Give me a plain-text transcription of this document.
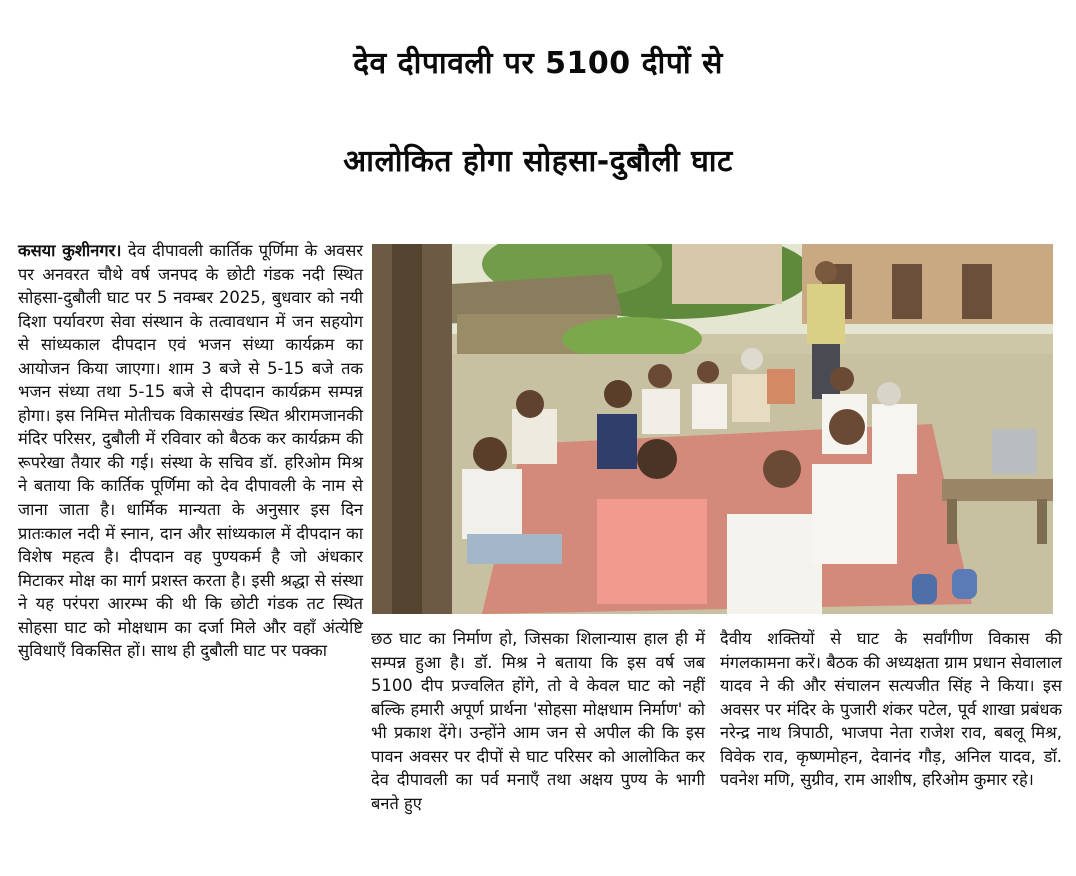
देव दीपावली पर 5100 दीपों से
आलोकित होगा सोहसा-दुबौली घाट

कसया कुशीनगर। देव दीपावली कार्तिक पूर्णिमा के अवसर पर अनवरत चौथे वर्ष जनपद के छोटी गंडक नदी स्थित सोहसा-दुबौली घाट पर 5 नवम्बर 2025, बुधवार को नयी दिशा पर्यावरण सेवा संस्थान के तत्वावधान में जन सहयोग से सांध्यकाल दीपदान एवं भजन संध्या कार्यक्रम का आयोजन किया जाएगा। शाम 3 बजे से 5-15 बजे तक भजन संध्या तथा 5-15 बजे से दीपदान कार्यक्रम सम्पन्न होगा। इस निमित्त मोतीचक विकासखंड स्थित श्रीरामजानकी मंदिर परिसर, दुबौली में रविवार को बैठक कर कार्यक्रम की रूपरेखा तैयार की गई। संस्था के सचिव डॉ. हरिओम मिश्र ने बताया कि कार्तिक पूर्णिमा को देव दीपावली के नाम से जाना जाता है। धार्मिक मान्यता के अनुसार इस दिन प्रातःकाल नदी में स्नान, दान और सांध्यकाल में दीपदान का विशेष महत्व है। दीपदान वह पुण्यकर्म है जो अंधकार मिटाकर मोक्ष का मार्ग प्रशस्त करता है। इसी श्रद्धा से संस्था ने यह परंपरा आरम्भ की थी कि छोटी गंडक तट स्थित सोहसा घाट को मोक्षधाम का दर्जा मिले और वहाँ अंत्येष्टि सुविधाएँ विकसित हों। साथ ही दुबौली घाट पर पक्का

छठ घाट का निर्माण हो, जिसका शिलान्यास हाल ही में सम्पन्न हुआ है। डॉ. मिश्र ने बताया कि इस वर्ष जब 5100 दीप प्रज्वलित होंगे, तो वे केवल घाट को नहीं बल्कि हमारी अपूर्ण प्रार्थना 'सोहसा मोक्षधाम निर्माण' को भी प्रकाश देंगे। उन्होंने आम जन से अपील की कि इस पावन अवसर पर दीपों से घाट परिसर को आलोकित कर देव दीपावली का पर्व मनाएँ तथा अक्षय पुण्य के भागी बनते हुए

दैवीय शक्तियों से घाट के सर्वांगीण विकास की मंगलकामना करें। बैठक की अध्यक्षता ग्राम प्रधान सेवालाल यादव ने की और संचालन सत्यजीत सिंह ने किया। इस अवसर पर मंदिर के पुजारी शंकर पटेल, पूर्व शाखा प्रबंधक नरेन्द्र नाथ त्रिपाठी, भाजपा नेता राजेश राव, बबलू मिश्र, विवेक राव, कृष्णमोहन, देवानंद गौड़, अनिल यादव, डॉ. पवनेश मणि, सुग्रीव, राम आशीष, हरिओम कुमार रहे।
